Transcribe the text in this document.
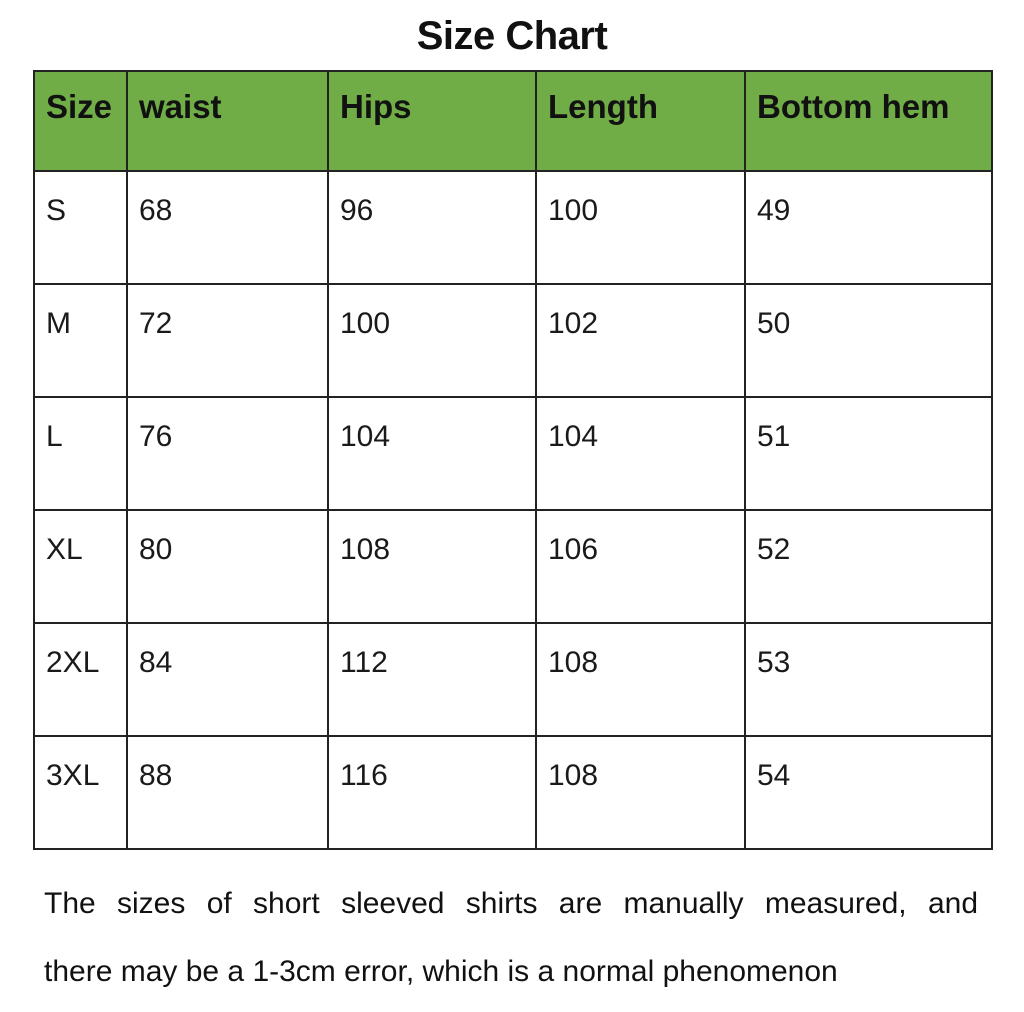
Size Chart
Size	waist	Hips	Length	Bottom hem
S	68	96	100	49
M	72	100	102	50
L	76	104	104	51
XL	80	108	106	52
2XL	84	112	108	53
3XL	88	116	108	54

The sizes of short sleeved shirts are manually measured, and

there may be a 1-3cm error, which is a normal phenomenon
